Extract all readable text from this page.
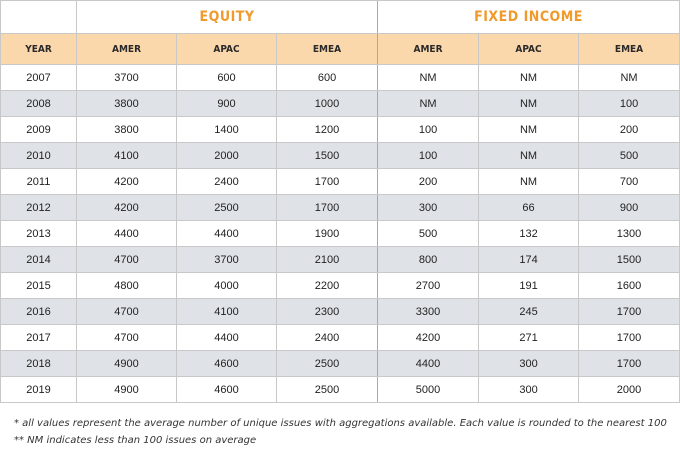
	EQUITY			FIXED INCOME		
YEAR	AMER	APAC	EMEA	AMER	APAC	EMEA
2007	3700	600	600	NM	NM	NM
2008	3800	900	1000	NM	NM	100
2009	3800	1400	1200	100	NM	200
2010	4100	2000	1500	100	NM	500
2011	4200	2400	1700	200	NM	700
2012	4200	2500	1700	300	66	900
2013	4400	4400	1900	500	132	1300
2014	4700	3700	2100	800	174	1500
2015	4800	4000	2200	2700	191	1600
2016	4700	4100	2300	3300	245	1700
2017	4700	4400	2400	4200	271	1700
2018	4900	4600	2500	4400	300	1700
2019	4900	4600	2500	5000	300	2000
* all values represent the average number of unique issues with aggregations available. Each value is rounded to the nearest 100
** NM indicates less than 100 issues on average
